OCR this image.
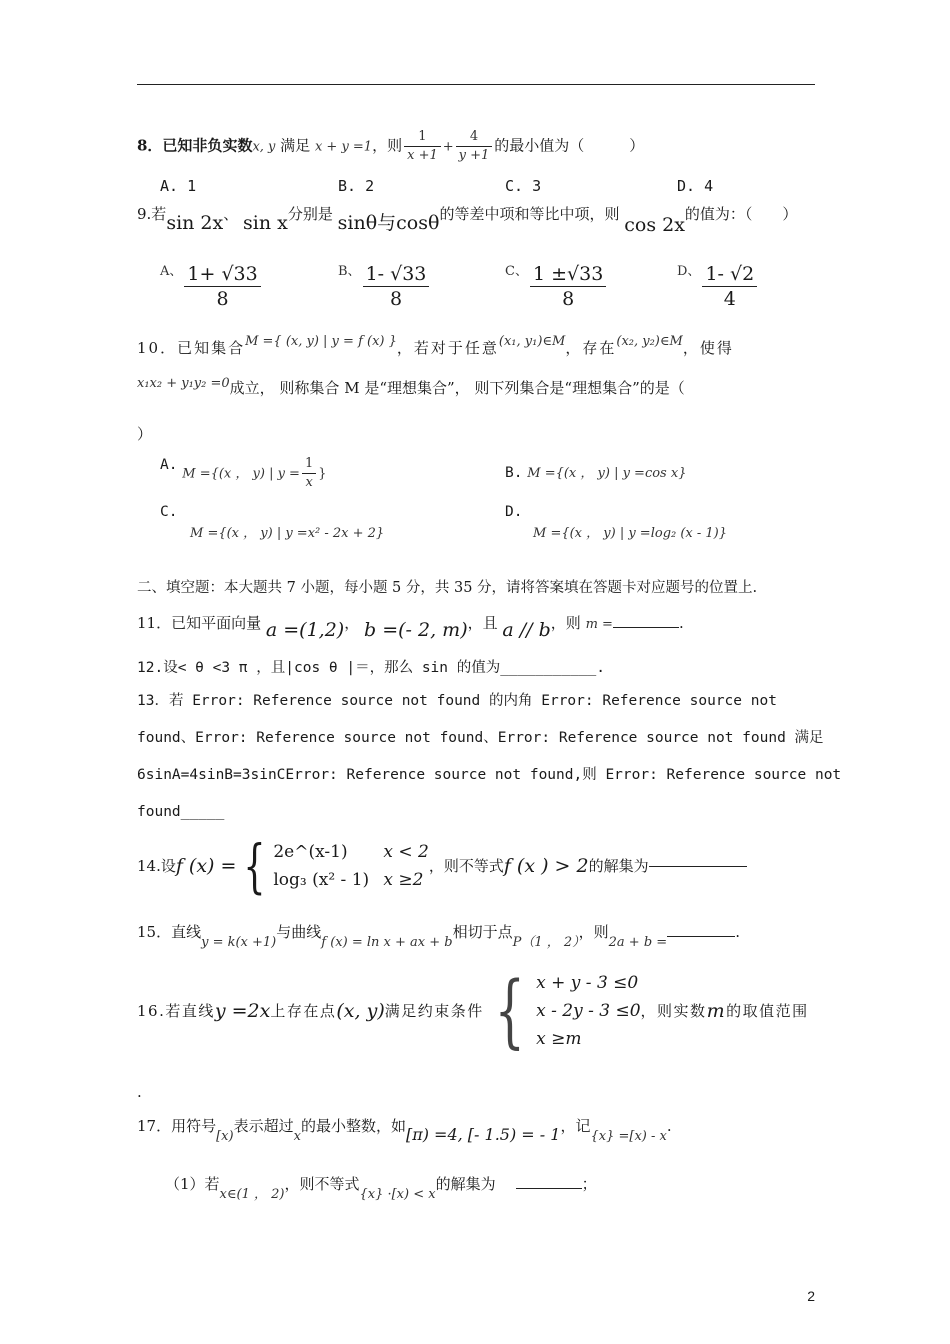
8．已知非负实数x, y 满足 x + y =1，则 $\frac{1}{x +1} + \frac{4}{y +1}$ 的最小值为（　　　）
A. 1	B. 2	C. 3	D. 4
9.若sin 2x、 sin x分别是 sinθ与cosθ的等差中项和等比中项，则 cos 2x的值为：（　　）
A、 $\frac{1+ √33}{8}$	B、 $\frac{1- √33}{8}$	C、 $\frac{1 \pm√33}{8}$	D、 $\frac{1- √2}{4}$
10．已知集合M ={ (x, y) | y = f (x) }，若对于任意(x₁, y₁)∈M，存在(x₂, y₂)∈M，使得
x₁x₂ + y₁y₂ =0成立， 则称集合 M 是“理想集合”， 则下列集合是“理想集合”的是（
）
A. M ={(x ， y) | $y = \frac{1}{x}$ }	B. M ={(x ， y) | y =cos x}
C.
M ={(x ， y) | y =x² - 2x + 2}
D.
M ={(x ， y) | y =log₂ (x - 1)}
二、填空题：本大题共 7 小题，每小题 5 分，共 35 分，请将答案填在答题卡对应题号的位置上.
11．已知平面向量 a =(1,2)， b =(- 2, m)，且 a // b，则 m =	.
12.设< θ <3 π ，且|cos θ |＝，那么 sin 的值为___________.
13．若 Error: Reference source not found 的内角 Error: Reference source not
found、Error: Reference source not found、Error: Reference source not found 满足
6sinA=4sinB=3sinCError: Reference source not found,则 Error: Reference source not
found_____
14.设f (x) = { 2e^(x-1) x < 2
log₃ (x² - 1) x ≥2
，则不等式f (x ) > 2的解集为
15．直线y = k(x +1)与曲线f (x) = ln x + ax + b相切于点P（1 ， 2），则2a + b =.
16.若直线y =2x上存在点(x, y)满足约束条件 { x + y - 3 ≤0
x - 2y - 3 ≤0
x ≥m
，则实数m的取值范围
.
17．用符号[x)表示超过x的最小整数，如[π) =4, [- 1.5) = - 1，记{x} =[x) - x.
（1）若x∈(1 ， 2)，则不等式{x} ·[x) < x的解集为	；
2
